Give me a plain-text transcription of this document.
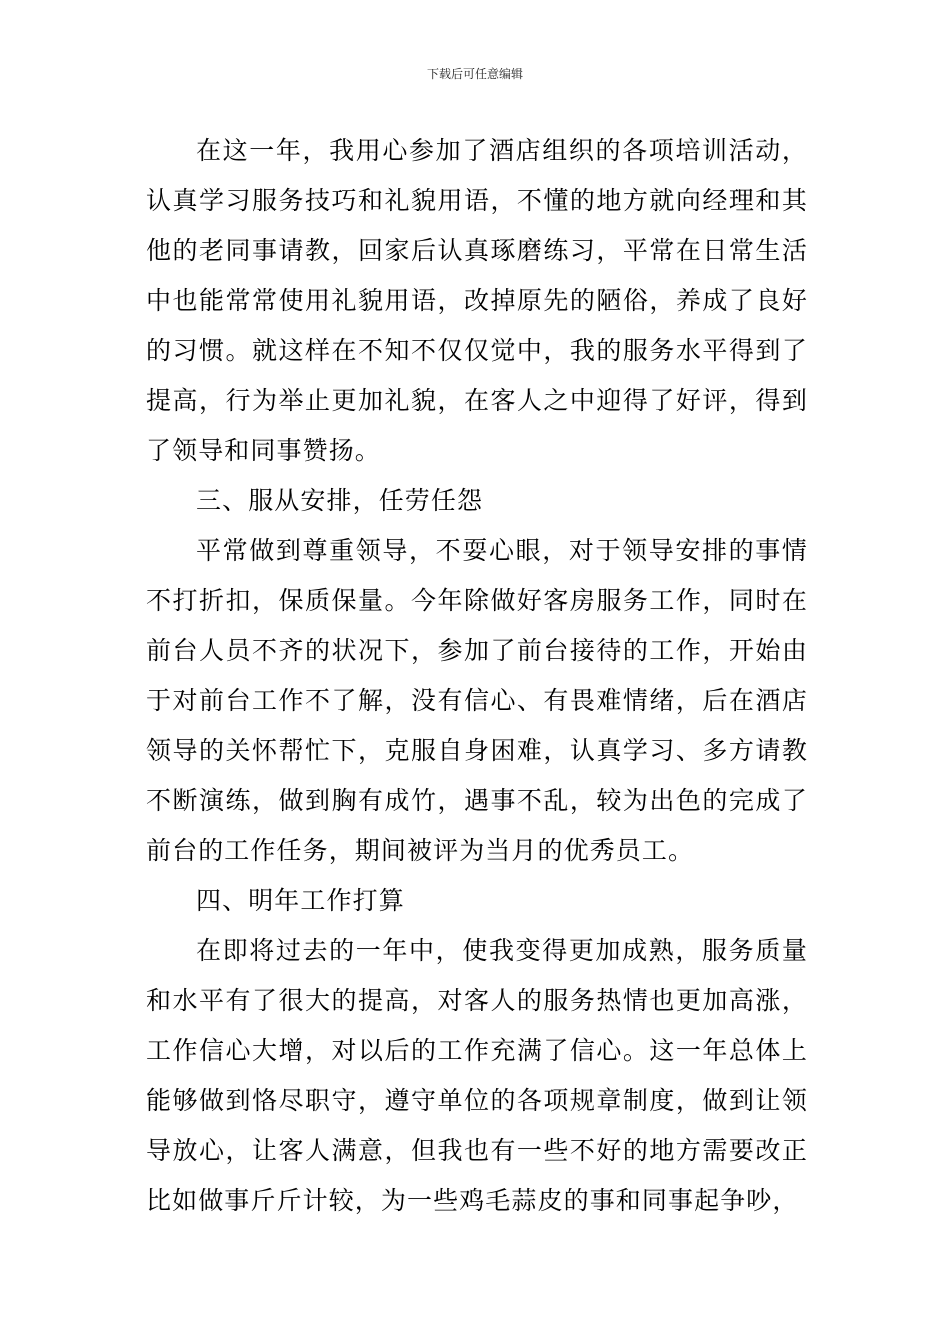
下载后可任意编辑

在这一年，我用心参加了酒店组织的各项培训活动，认真学习服务技巧和礼貌用语，不懂的地方就向经理和其他的老同事请教，回家后认真琢磨练习，平常在日常生活中也能常常使用礼貌用语，改掉原先的陋俗，养成了良好的习惯。就这样在不知不仅仅觉中，我的服务水平得到了提高，行为举止更加礼貌，在客人之中迎得了好评，得到了领导和同事赞扬。

三、服从安排，任劳任怨

平常做到尊重领导，不耍心眼，对于领导安排的事情不打折扣，保质保量。今年除做好客房服务工作，同时在前台人员不齐的状况下，参加了前台接待的工作，开始由于对前台工作不了解，没有信心、有畏难情绪，后在酒店领导的关怀帮忙下，克服自身困难，认真学习、多方请教不断演练，做到胸有成竹，遇事不乱，较为出色的完成了前台的工作任务，期间被评为当月的优秀员工。

四、明年工作打算

在即将过去的一年中，使我变得更加成熟，服务质量和水平有了很大的提高，对客人的服务热情也更加高涨，工作信心大增，对以后的工作充满了信心。这一年总体上能够做到恪尽职守，遵守单位的各项规章制度，做到让领导放心，让客人满意，但我也有一些不好的地方需要改正比如做事斤斤计较，为一些鸡毛蒜皮的事和同事起争吵，
